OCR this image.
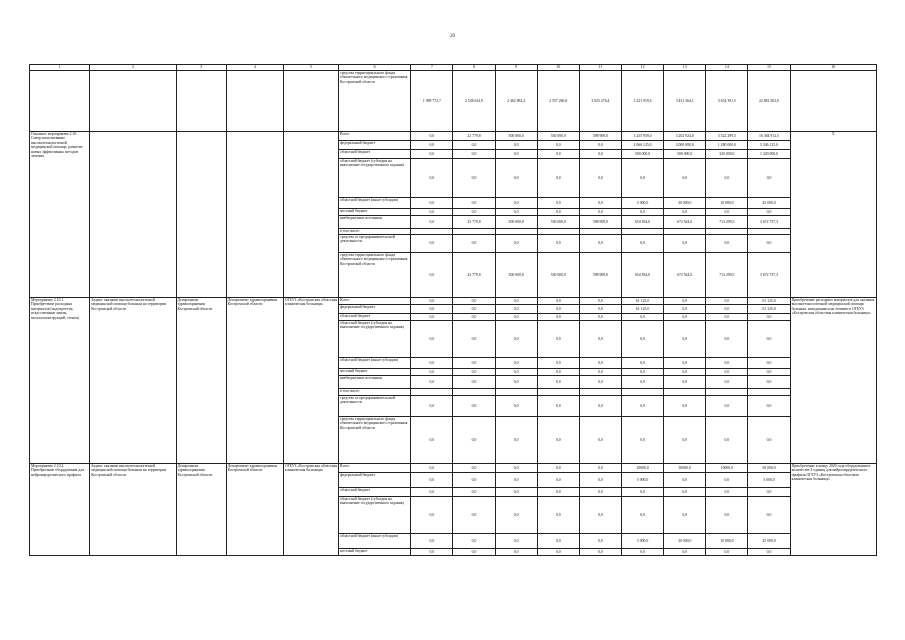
20
1	2	3	4	5	6	7	8	9	10	11	12	13	14	15	16
					средства территориального фонда обязательного медицинского страхования Костромской области	1 989 772,7	2 538 634,9	2 462 882,4	2 557 260,0	3 025 276,4	3 221 919,4	3 431 364,1	3 654 391,5	22 881 502,0	
Основное мероприятие 2.10. Совер-шенствование высокотехнологичной медицинской помощи, развитие новых эффективных методов лечения					Всего	0,0	23 779,8	500 000,0	530 000,0	598 909,0	3 235 959,0	3 202 924,0	5 322 299,5	16 384 912,5	Х
					федеральный бюджет	0,0	0,0	0,0	0,0	0,0	2 066 125,0	2 000 000,0	1 280 000,0	5 346 125,0	
					областной бюджет	0,0	0,0	0,0	0,0	0,0	500 000,0	500 000,0	320 000,0	1 320 000,0	
					областной бюджет (субсидия на выполнение государственного задания)	0,0	0,0	0,0	0,0	0,0	0,0	0,0	0,0	0,0	
					областной бюджет (иные субсидии)	0,0	0,0	0,0	0,0	0,0	5 000,0	30 000,0	10 000,0	45 000,0	
					местный бюджет	0,0	0,0	0,0	0,0	0,0	0,0	0,0	0,0	0,0	
					внебюджетные источники	0,0	23 779,8	500 000,0	530 000,0	598 909,0	654 834,0	672 924,0	713 299,5	3 672 737,3	
					в том числе:										
					средства от предпринимательской деятельности	0,0	0,0	0,0	0,0	0,0	0,0	0,0	0,0	0,0	
					средства территориального фонда обязательного медицинского страхования Костромской области	0,0	23 779,8	500 000,0	530 000,0	598 909,0	654 834,0	672 924,0	713 299,5	3 672 737,3	
Мероприятие 2.10.1. Приобретение расходных материалов (эндопротезы, искусственные линзы, металлоконструкций, стенты)	Задача: оказание высокотехнологичной медицинской помощи больным на территории Костромской области	Департамент здравоохранения Костромской области	Департамент здравоохранения Костромской области	ОГБУЗ «Костромская областная клиническая больница»	Всего	0,0	0,0	0,0	0,0	0,0	61 125,0	0,0	0,0	61 125,0	Приобретение расходных материалов для оказания высокотехнологичной медицинской помощи больным, находящимся на лечении в ОГБУЗ «Костромская областная клиническая больница»
					федеральный бюджет	0,0	0,0	0,0	0,0	0,0	61 125,0	0,0	0,0	61 125,0	
					областной бюджет	0,0	0,0	0,0	0,0	0,0	0,0	0,0	0,0	0,0	
					областной бюджет (субсидия на выполнение государственного задания)	0,0	0,0	0,0	0,0	0,0	0,0	0,0	0,0	0,0	
					областной бюджет (иные субсидии)	0,0	0,0	0,0	0,0	0,0	0,0	0,0	0,0	0,0	
					местный бюджет	0,0	0,0	0,0	0,0	0,0	0,0	0,0	0,0	0,0	
					внебюджетные источники	0,0	0,0	0,0	0,0	0,0	0,0	0,0	0,0	0,0	
					в том числе:										
					средства от предпринимательской деятельности	0,0	0,0	0,0	0,0	0,0	0,0	0,0	0,0	0,0	
					средства территориального фонда обязательного медицинского страхования Костромской области	0,0	0,0	0,0	0,0	0,0	0,0	0,0	0,0	0,0	
Мероприятие 2.10.2. Приобретение оборудования для нейрохирургического профиля	Задача: оказание высокотехнологичной медицинской помощи больным на территории Костромской области	Департамент здравоохранения Костромской области	Департамент здравоохранения Костромской области	ОГБУЗ «Костромская областная клиническая больница»	Всего	0,0	0,0	0,0	0,0	0,0	10000,0	30000,0	10000,0	50 000,0	Приобретение к концу 2020 года оборудования в количестве 4 единиц для нейрохирургического профиля ОГБУЗ «Костромская областная клиническая больница»
					федеральный бюджет	0,0	0,0	0,0	0,0	0,0	5 000,0	0,0	0,0	5 000,0	
					областной бюджет	0,0	0,0	0,0	0,0	0,0	0,0	0,0	0,0	0,0	
					областной бюджет (субсидия на выполнение государственного задания)	0,0	0,0	0,0	0,0	0,0	0,0	0,0	0,0	0,0	
					областной бюджет (иные субсидии)	0,0	0,0	0,0	0,0	0,0	5 000,0	30 000,0	10 000,0	45 000,0	
					местный бюджет	0,0	0,0	0,0	0,0	0,0	0,0	0,0	0,0	0,0	
